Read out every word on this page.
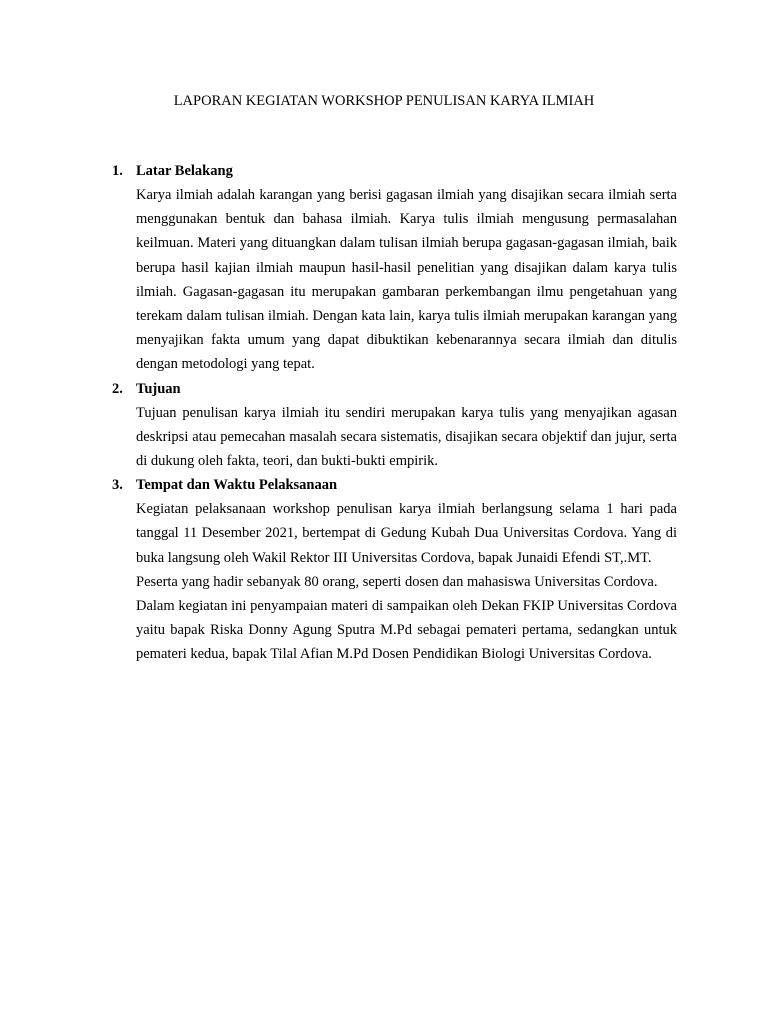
LAPORAN KEGIATAN WORKSHOP PENULISAN KARYA ILMIAH
1. Latar Belakang

Karya ilmiah adalah karangan yang berisi gagasan ilmiah yang disajikan secara ilmiah serta menggunakan bentuk dan bahasa ilmiah. Karya tulis ilmiah mengusung permasalahan keilmuan. Materi yang dituangkan dalam tulisan ilmiah berupa gagasan-gagasan ilmiah, baik berupa hasil kajian ilmiah maupun hasil-hasil penelitian yang disajikan dalam karya tulis ilmiah. Gagasan-gagasan itu merupakan gambaran perkembangan ilmu pengetahuan yang terekam dalam tulisan ilmiah. Dengan kata lain, karya tulis ilmiah merupakan karangan yang menyajikan fakta umum yang dapat dibuktikan kebenarannya secara ilmiah dan ditulis dengan metodologi yang tepat.

2. Tujuan

Tujuan penulisan karya ilmiah itu sendiri merupakan karya tulis yang menyajikan agasan deskripsi atau pemecahan masalah secara sistematis, disajikan secara objektif dan jujur, serta di dukung oleh fakta, teori, dan bukti-bukti empirik.

3. Tempat dan Waktu Pelaksanaan

Kegiatan pelaksanaan workshop penulisan karya ilmiah berlangsung selama 1 hari pada tanggal 11 Desember 2021, bertempat di Gedung Kubah Dua Universitas Cordova. Yang di buka langsung oleh Wakil Rektor III Universitas Cordova, bapak Junaidi Efendi ST,.MT.

Peserta yang hadir sebanyak 80 orang, seperti dosen dan mahasiswa Universitas Cordova.

Dalam kegiatan ini penyampaian materi di sampaikan oleh Dekan FKIP Universitas Cordova yaitu bapak Riska Donny Agung Sputra M.Pd sebagai pemateri pertama, sedangkan untuk pemateri kedua, bapak Tilal Afian M.Pd Dosen Pendidikan Biologi Universitas Cordova.
